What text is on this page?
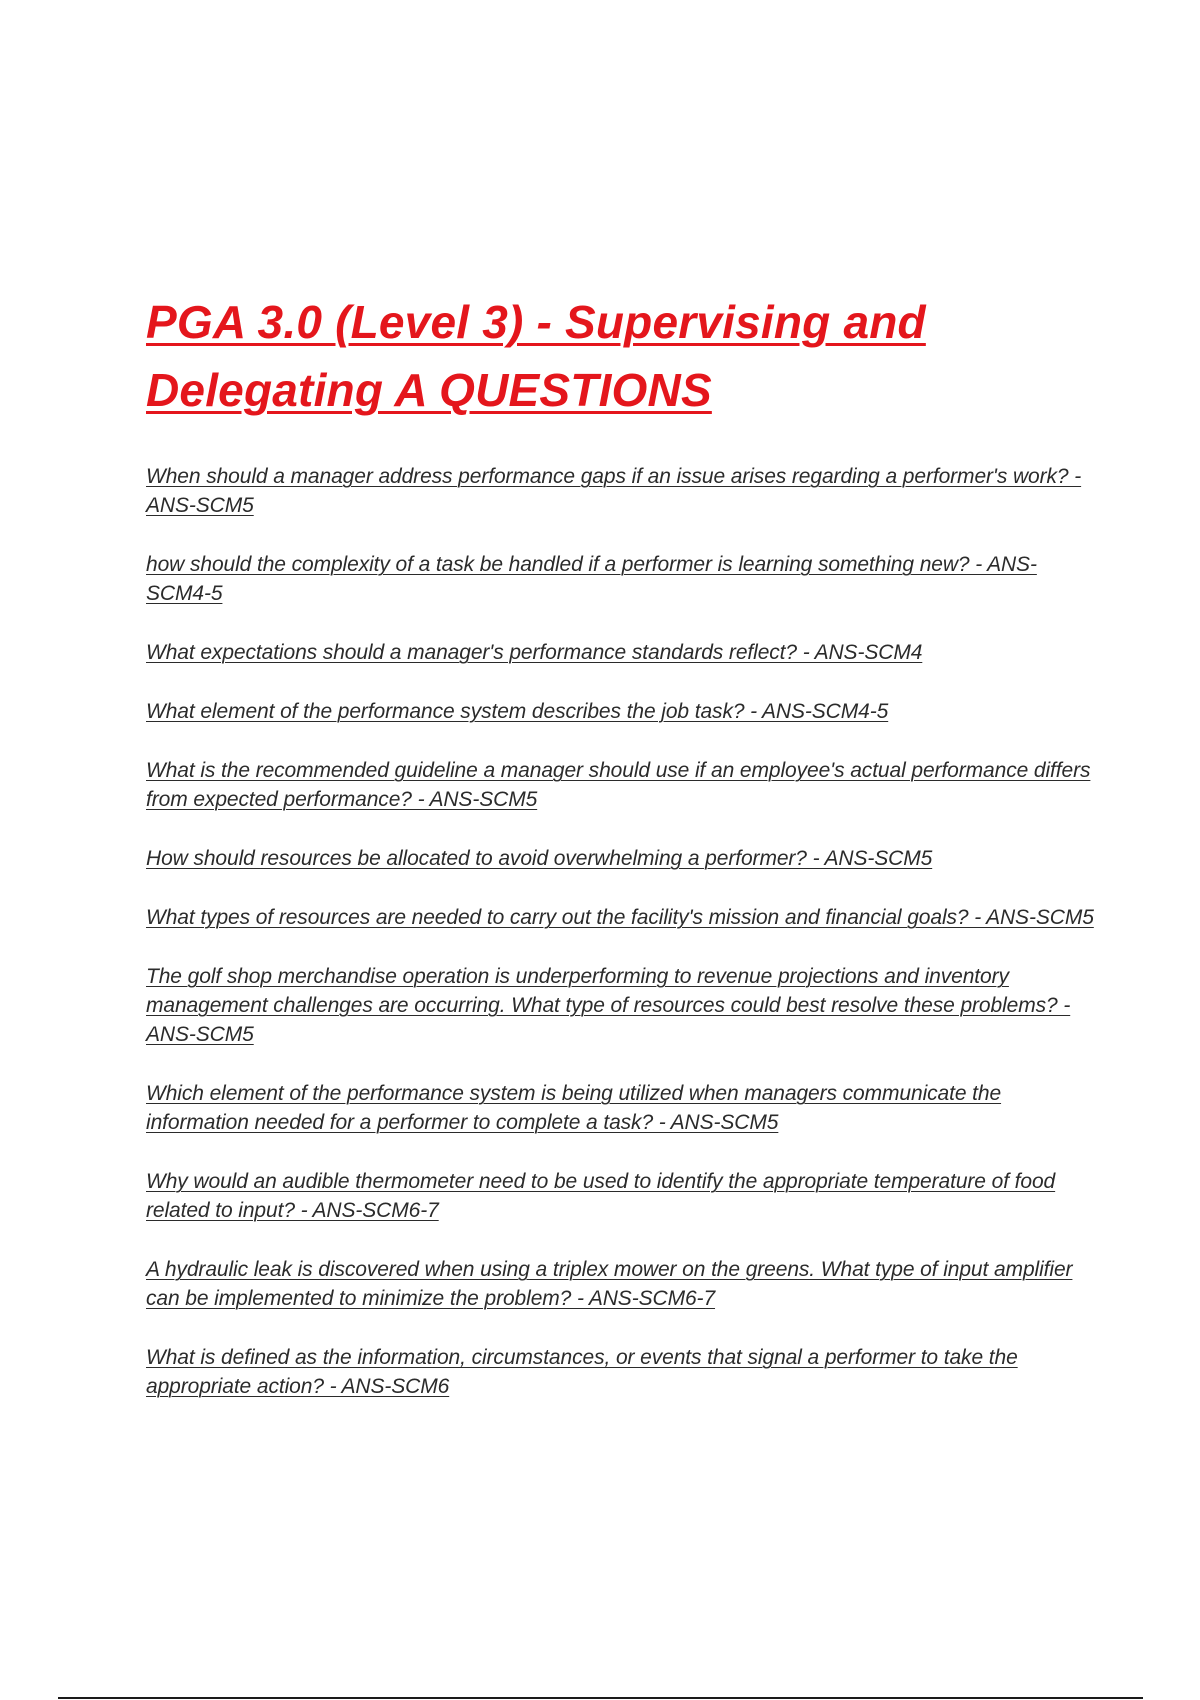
PGA 3.0 (Level 3) - Supervising and Delegating A QUESTIONS
When should a manager address performance gaps if an issue arises regarding a performer's work? - ANS-SCM5
how should the complexity of a task be handled if a performer is learning something new? - ANS-SCM4-5
What expectations should a manager's performance standards reflect? - ANS-SCM4
What element of the performance system describes the job task? - ANS-SCM4-5
What is the recommended guideline a manager should use if an employee's actual performance differs from expected performance? - ANS-SCM5
How should resources be allocated to avoid overwhelming a performer? - ANS-SCM5
What types of resources are needed to carry out the facility's mission and financial goals? - ANS-SCM5
The golf shop merchandise operation is underperforming to revenue projections and inventory management challenges are occurring. What type of resources could best resolve these problems? - ANS-SCM5
Which element of the performance system is being utilized when managers communicate the information needed for a performer to complete a task? - ANS-SCM5
Why would an audible thermometer need to be used to identify the appropriate temperature of food related to input? - ANS-SCM6-7
A hydraulic leak is discovered when using a triplex mower on the greens. What type of input amplifier can be implemented to minimize the problem? - ANS-SCM6-7
What is defined as the information, circumstances, or events that signal a performer to take the appropriate action? - ANS-SCM6
